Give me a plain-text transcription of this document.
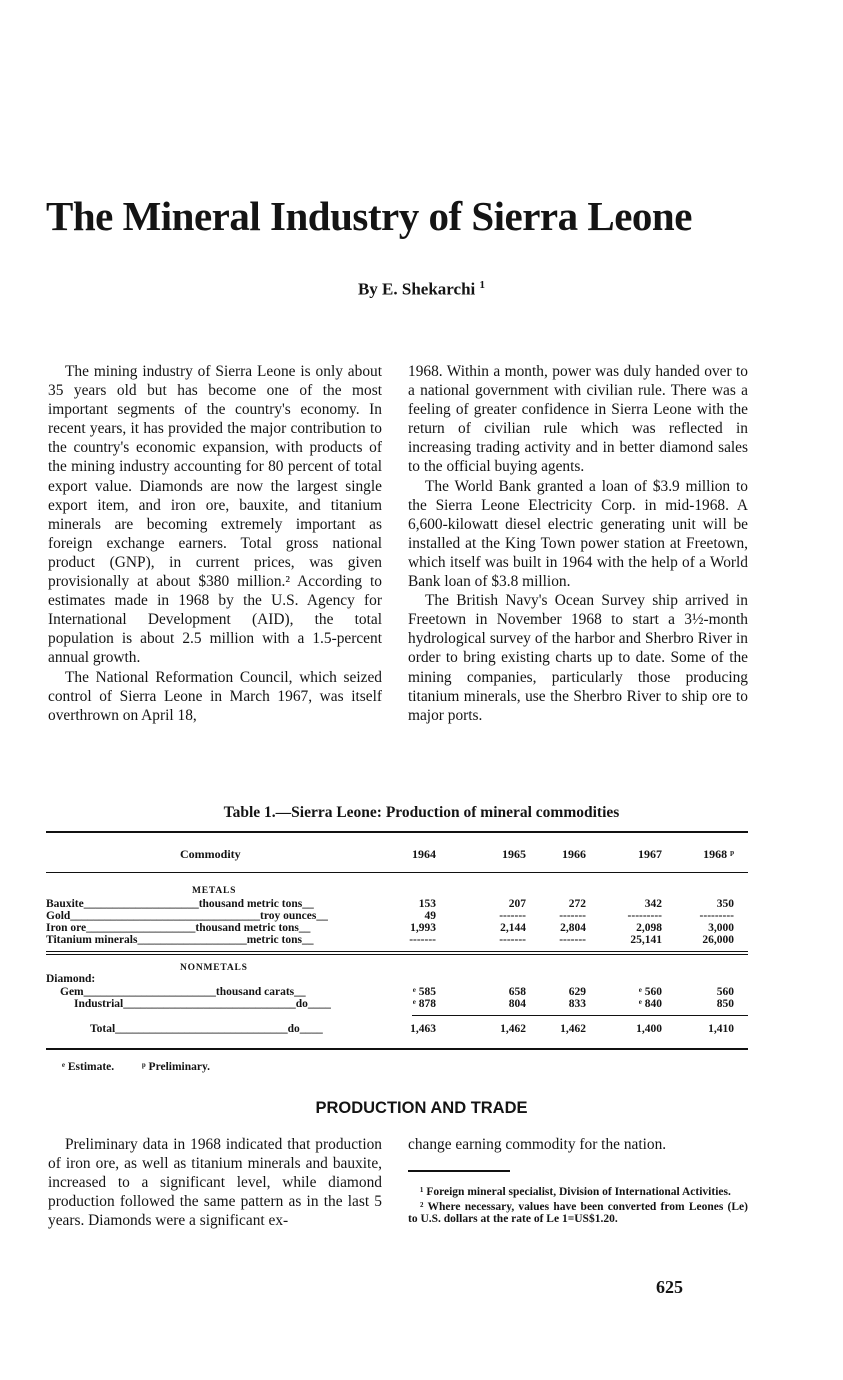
The Mineral Industry of Sierra Leone
By E. Shekarchi $^1$

The mining industry of Sierra Leone is only about 35 years old but has become one of the most important segments of the country's economy. In recent years, it has provided the major contribution to the country's economic expansion, with products of the mining industry accounting for 80 percent of total export value. Diamonds are now the largest single export item, and iron ore, bauxite, and titanium minerals are becoming extremely important as foreign exchange earners. Total gross national product (GNP), in current prices, was given provisionally at about $380 million.² According to estimates made in 1968 by the U.S. Agency for International Development (AID), the total population is about 2.5 million with a 1.5-percent annual growth.

The National Reformation Council, which seized control of Sierra Leone in March 1967, was itself overthrown on April 18,

1968. Within a month, power was duly handed over to a national government with civilian rule. There was a feeling of greater confidence in Sierra Leone with the return of civilian rule which was reflected in increasing trading activity and in better diamond sales to the official buying agents.

The World Bank granted a loan of $3.9 million to the Sierra Leone Electricity Corp. in mid-1968. A 6,600-kilowatt diesel electric generating unit will be installed at the King Town power station at Freetown, which itself was built in 1964 with the help of a World Bank loan of $3.8 million.

The British Navy's Ocean Survey ship arrived in Freetown in November 1968 to start a 3½-month hydrological survey of the harbor and Sherbro River in order to bring existing charts up to date. Some of the mining companies, particularly those producing titanium minerals, use the Sherbro River to ship ore to major ports.

Table 1.—Sierra Leone: Production of mineral commodities
Commodity	1964	1965	1966	1967	1968 ᵖ
METALS
Bauxite____________________thousand metric tons__	153	207	272	342	350
Gold_________________________________troy ounces__	49	-------	-------	---------	---------
Iron ore___________________thousand metric tons__	1,993	2,144	2,804	2,098	3,000
Titanium minerals___________________metric tons__	-------	-------	-------	25,141	26,000
NONMETALS
Diamond:
Gem_______________________thousand carats__	ᵉ 585	658	629	ᵉ 560	560
Industrial______________________________do____	ᵉ 878	804	833	ᵉ 840	850
Total______________________________do____	1,463	1,462	1,462	1,400	1,410
ᵉ Estimate. ᵖ Preliminary.
PRODUCTION AND TRADE

Preliminary data in 1968 indicated that production of iron ore, as well as titanium minerals and bauxite, increased to a significant level, while diamond production followed the same pattern as in the last 5 years. Diamonds were a significant ex-

change earning commodity for the nation.

¹ Foreign mineral specialist, Division of International Activities.

² Where necessary, values have been converted from Leones (Le) to U.S. dollars at the rate of Le 1=US$1.20.

625
